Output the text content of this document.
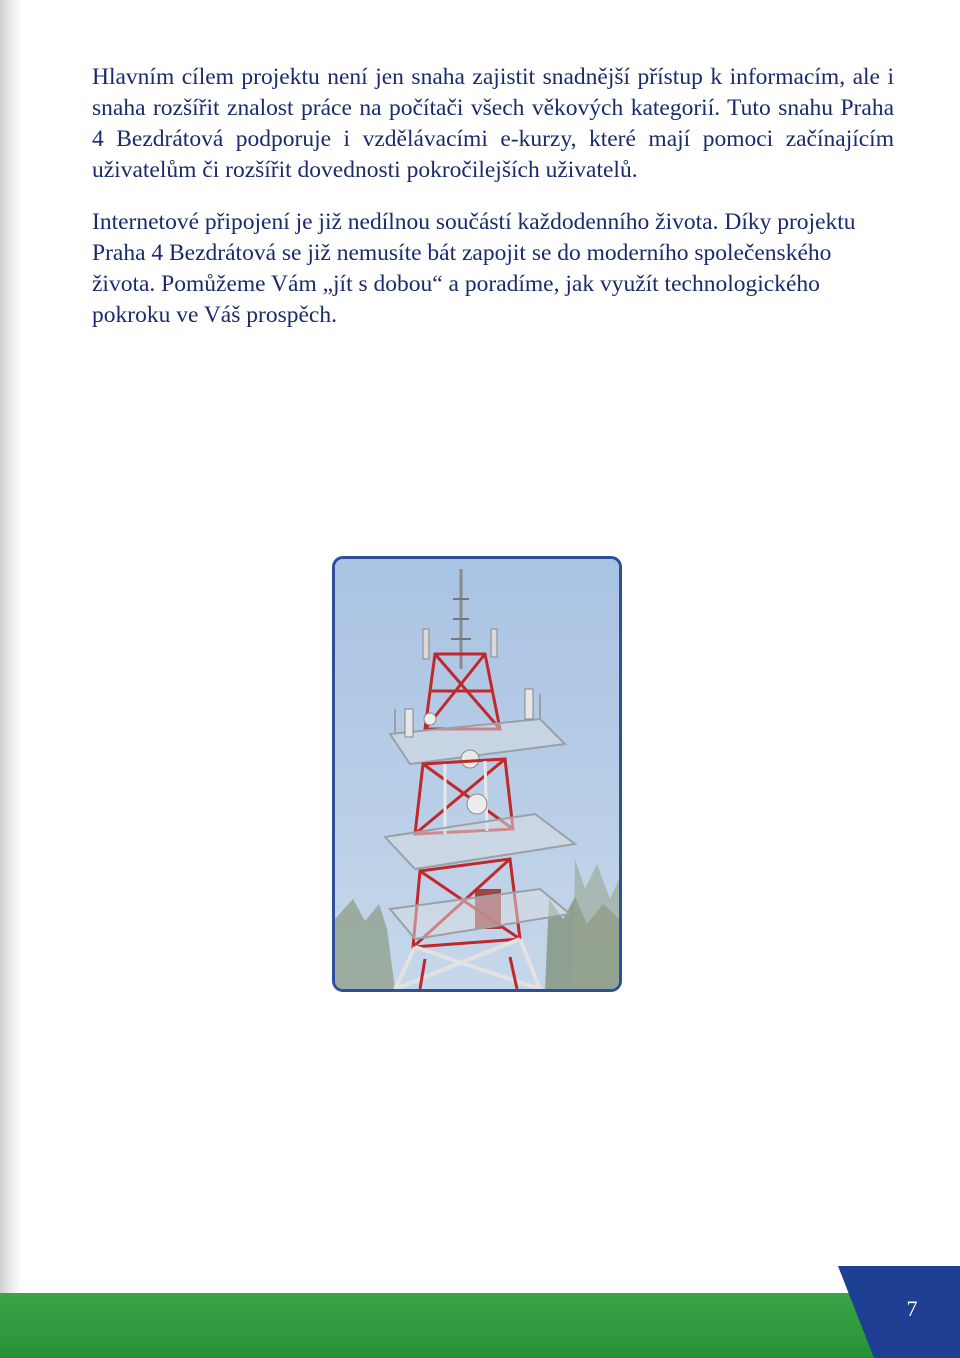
Hlavním cílem projektu není jen snaha zajistit snadnější přístup k informacím, ale i snaha rozšířit znalost práce na počítači všech věkových kategorií. Tuto snahu Praha 4 Bezdrátová podporuje i vzdělávacími e-kurzy, které mají pomoci začínajícím uživatelům či rozšířit dovednosti pokročilejších uživatelů.

Internetové připojení je již nedílnou součástí každodenního života. Díky projektu Praha 4 Bezdrátová se již nemusíte bát zapojit se do moderního společenského života. Pomůžeme Vám „jít s dobou“ a poradíme, jak využít technologického pokroku ve Váš prospěch.

7
